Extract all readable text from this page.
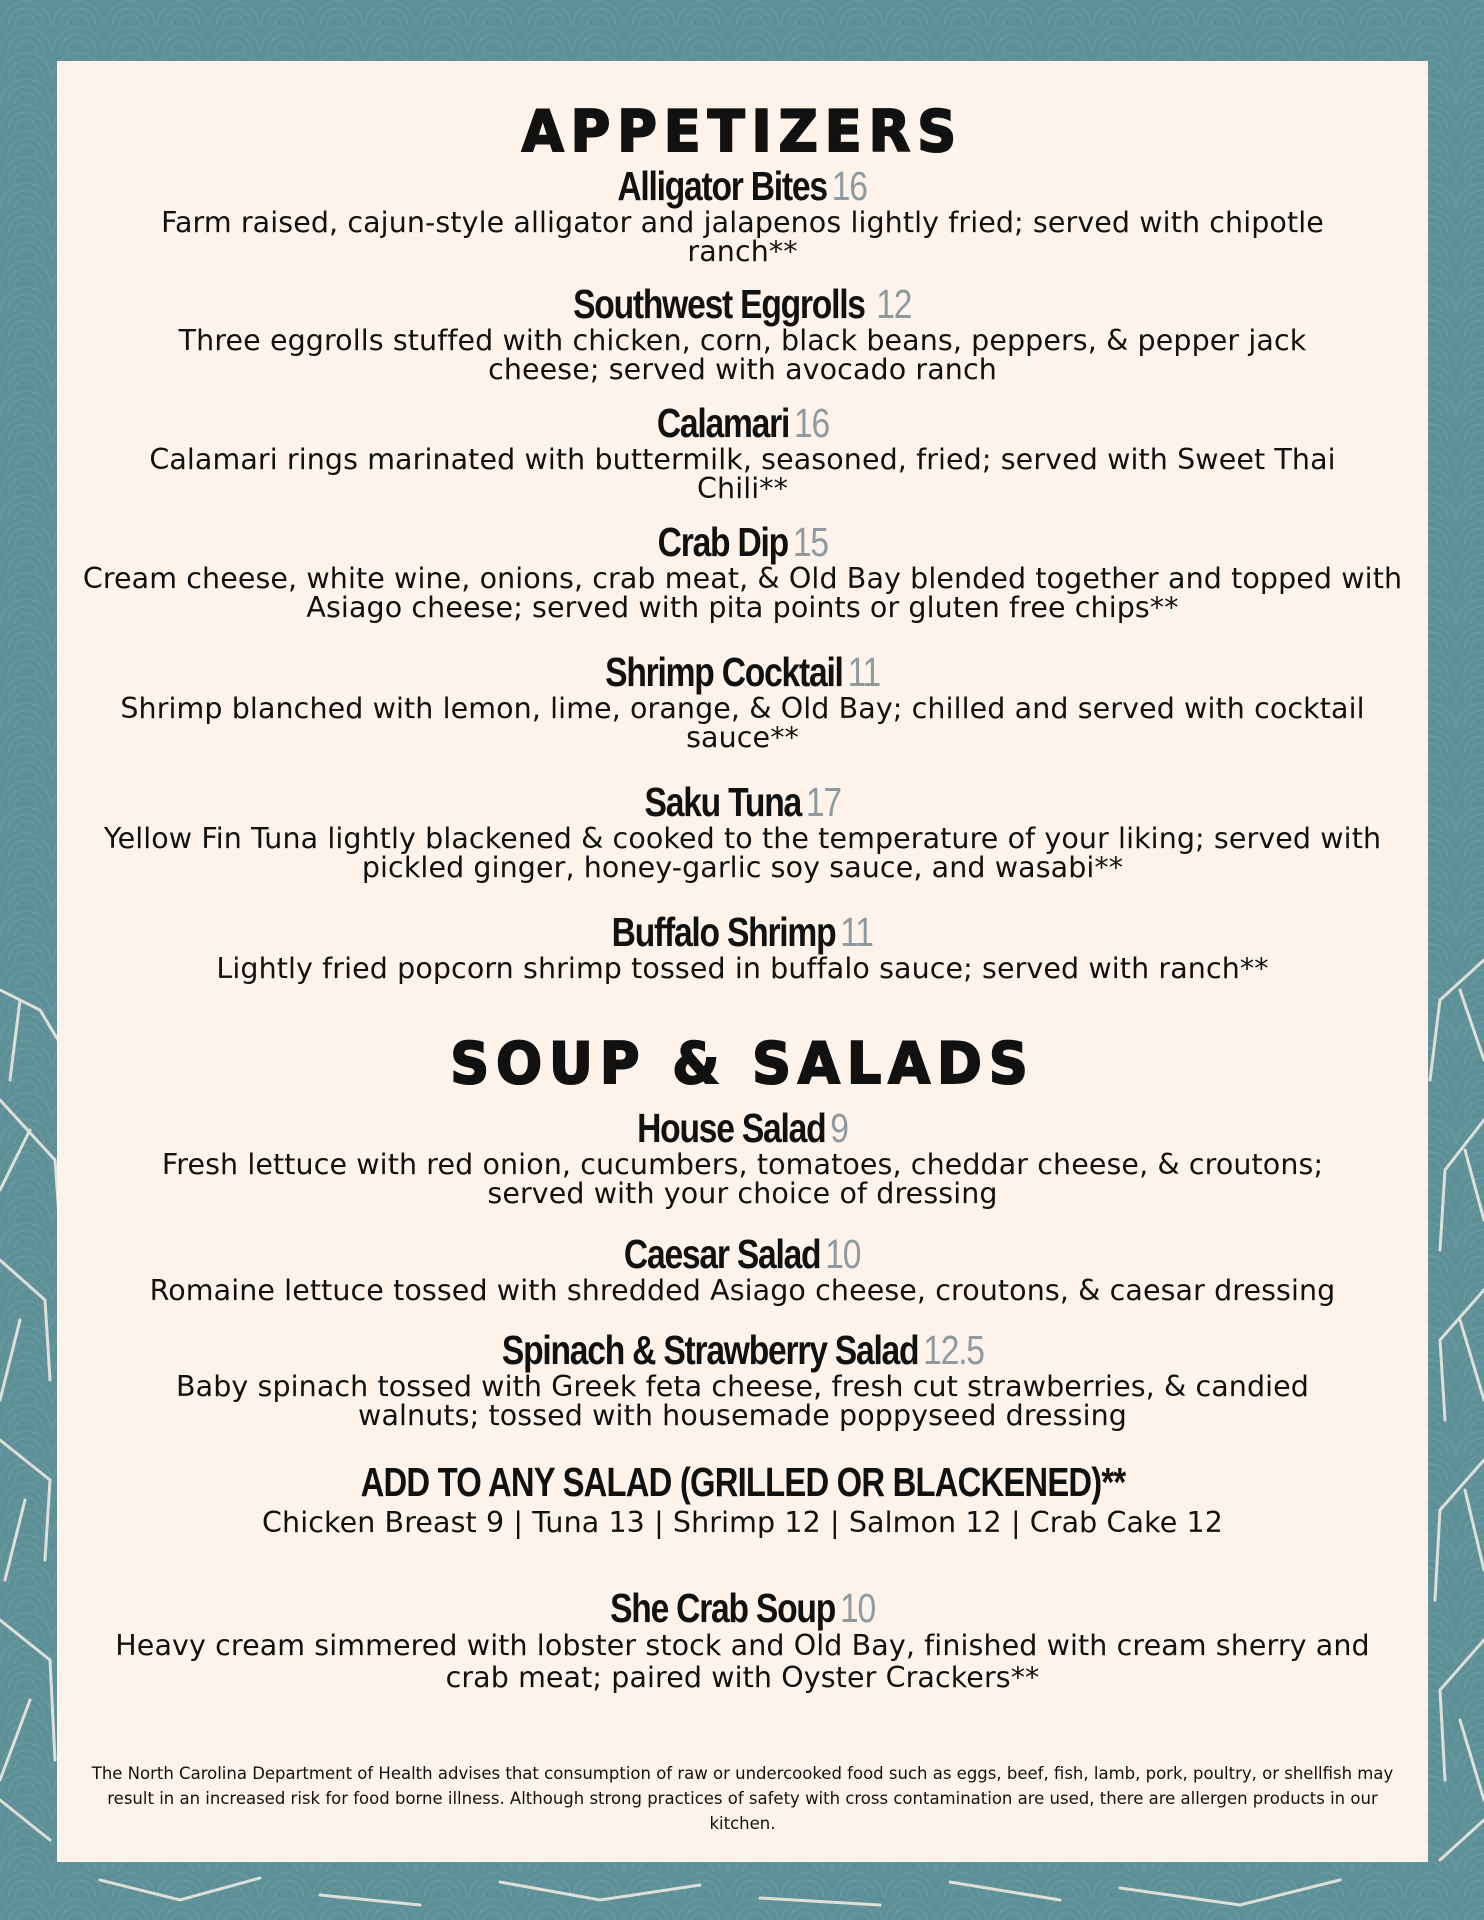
APPETIZERS
Alligator Bites 16

Farm raised, cajun-style alligator and jalapenos lightly fried; served with chipotle ranch**

Southwest Eggrolls 12

Three eggrolls stuffed with chicken, corn, black beans, peppers, & pepper jack cheese; served with avocado ranch

Calamari 16

Calamari rings marinated with buttermilk, seasoned, fried; served with Sweet Thai Chili**

Crab Dip 15

Cream cheese, white wine, onions, crab meat, & Old Bay blended together and topped with Asiago cheese; served with pita points or gluten free chips**

Shrimp Cocktail 11

Shrimp blanched with lemon, lime, orange, & Old Bay; chilled and served with cocktail sauce**

Saku Tuna 17

Yellow Fin Tuna lightly blackened & cooked to the temperature of your liking; served with pickled ginger, honey-garlic soy sauce, and wasabi**

Buffalo Shrimp 11

Lightly fried popcorn shrimp tossed in buffalo sauce; served with ranch**

SOUP & SALADS
House Salad 9

Fresh lettuce with red onion, cucumbers, tomatoes, cheddar cheese, & croutons; served with your choice of dressing

Caesar Salad 10

Romaine lettuce tossed with shredded Asiago cheese, croutons, & caesar dressing

Spinach & Strawberry Salad 12.5

Baby spinach tossed with Greek feta cheese, fresh cut strawberries, & candied walnuts; tossed with housemade poppyseed dressing

ADD TO ANY SALAD (GRILLED OR BLACKENED)**

Chicken Breast 9 | Tuna 13 | Shrimp 12 | Salmon 12 | Crab Cake 12

She Crab Soup 10

Heavy cream simmered with lobster stock and Old Bay, finished with cream sherry and crab meat; paired with Oyster Crackers**

The North Carolina Department of Health advises that consumption of raw or undercooked food such as eggs, beef, fish, lamb, pork, poultry, or shellfish may result in an increased risk for food borne illness. Although strong practices of safety with cross contamination are used, there are allergen products in our kitchen.
